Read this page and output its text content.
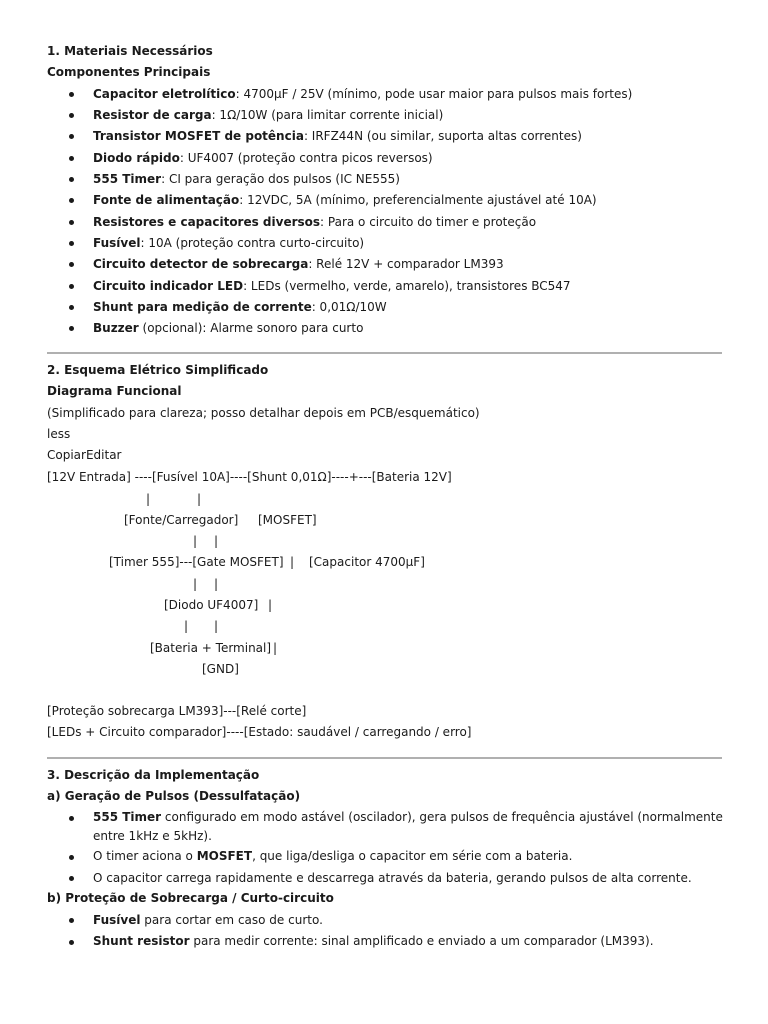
1. Materiais Necessários
Componentes Principais
Capacitor eletrolítico: 4700µF / 25V (mínimo, pode usar maior para pulsos mais fortes)
Resistor de carga: 1Ω/10W (para limitar corrente inicial)
Transistor MOSFET de potência: IRFZ44N (ou similar, suporta altas correntes)
Diodo rápido: UF4007 (proteção contra picos reversos)
555 Timer: CI para geração dos pulsos (IC NE555)
Fonte de alimentação: 12VDC, 5A (mínimo, preferencialmente ajustável até 10A)
Resistores e capacitores diversos: Para o circuito do timer e proteção
Fusível: 10A (proteção contra curto-circuito)
Circuito detector de sobrecarga: Relé 12V + comparador LM393
Circuito indicador LED: LEDs (vermelho, verde, amarelo), transistores BC547
Shunt para medição de corrente: 0,01Ω/10W
Buzzer (opcional): Alarme sonoro para curto
2. Esquema Elétrico Simplificado
Diagrama Funcional
(Simplificado para clareza; posso detalhar depois em PCB/esquemático)
less
CopiarEditar
[12V Entrada] ----[Fusível 10A]----[Shunt 0,01Ω]----+---[Bateria 12V]
|	|
[Fonte/Carregador] [MOSFET]
| |
[Timer 555]---[Gate MOSFET] | [Capacitor 4700µF]
| |
[Diodo UF4007] |
| |
[Bateria + Terminal] |
[GND]
[Proteção sobrecarga LM393]---[Relé corte]
[LEDs + Circuito comparador]----[Estado: saudável / carregando / erro]
3. Descrição da Implementação
a) Geração de Pulsos (Dessulfatação)
555 Timer configurado em modo astável (oscilador), gera pulsos de frequência ajustável (normalmente entre 1kHz e 5kHz).
O timer aciona o MOSFET, que liga/desliga o capacitor em série com a bateria.
O capacitor carrega rapidamente e descarrega através da bateria, gerando pulsos de alta corrente.
b) Proteção de Sobrecarga / Curto-circuito
Fusível para cortar em caso de curto.
Shunt resistor para medir corrente: sinal amplificado e enviado a um comparador (LM393).
